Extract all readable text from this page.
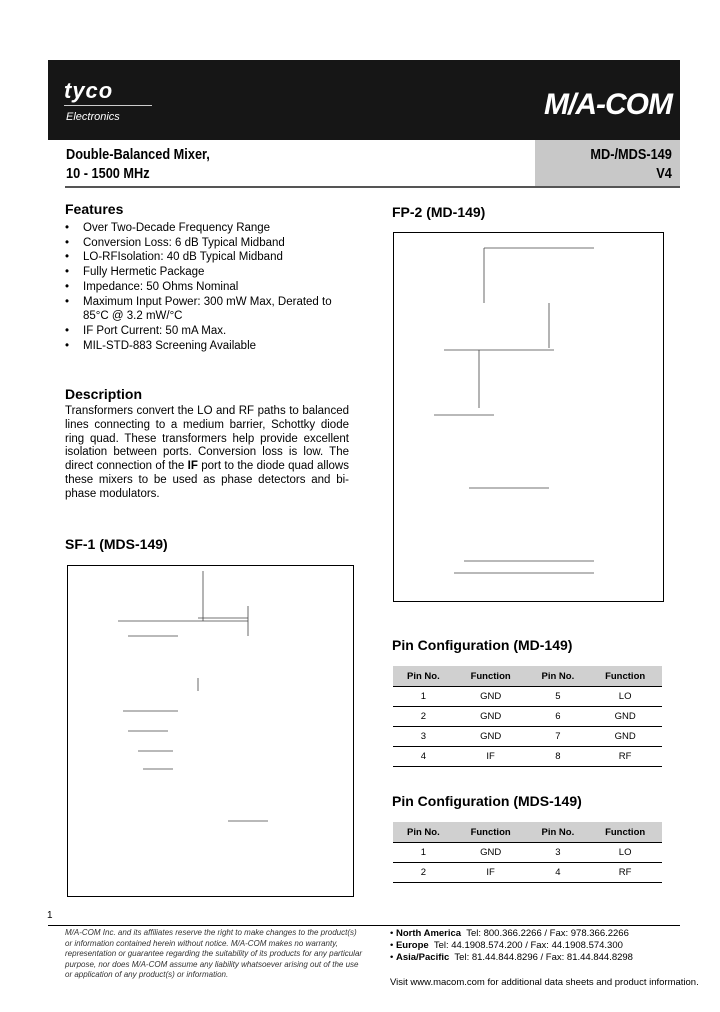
tyco
Electronics	M/A-COM
Double-Balanced Mixer,
10 - 1500 MHz
MD-/MDS-149
V4
Features
• Over Two-Decade Frequency Range
• Conversion Loss: 6 dB Typical Midband
• LO-RFIsolation: 40 dB Typical Midband
• Fully Hermetic Package
• Impedance: 50 Ohms Nominal
• Maximum Input Power: 300 mW Max, Derated to 85°C @ 3.2 mW/°C
• IF Port Current: 50 mA Max.
• MIL-STD-883 Screening Available
Description
Transformers convert the LO and RF paths to balanced lines connecting to a medium barrier, Schottky diode ring quad. These transformers help provide excellent isolation between ports. Conversion loss is low. The direct connection of the IF port to the diode quad allows these mixers to be used as phase detectors and bi-phase modulators.
SF-1 (MDS-149)
FP-2 (MD-149)
Pin Configuration (MD-149)
Pin No.	Function	Pin No.	Function
1	GND	5	LO
2	GND	6	GND
3	GND	7	GND
4	IF	8	RF
Pin Configuration (MDS-149)
Pin No.	Function	Pin No.	Function
1	GND	3	LO
2	IF	4	RF
1
M/A-COM Inc. and its affiliates reserve the right to make changes to the product(s) or information contained herein without notice. M/A-COM makes no warranty, representation or guarantee regarding the suitability of its products for any particular purpose, nor does M/A-COM assume any liability whatsoever arising out of the use or application of any product(s) or information.
• North America Tel: 800.366.2266 / Fax: 978.366.2266
• Europe Tel: 44.1908.574.200 / Fax: 44.1908.574.300
• Asia/Pacific Tel: 81.44.844.8296 / Fax: 81.44.844.8298
Visit www.macom.com for additional data sheets and product information.
